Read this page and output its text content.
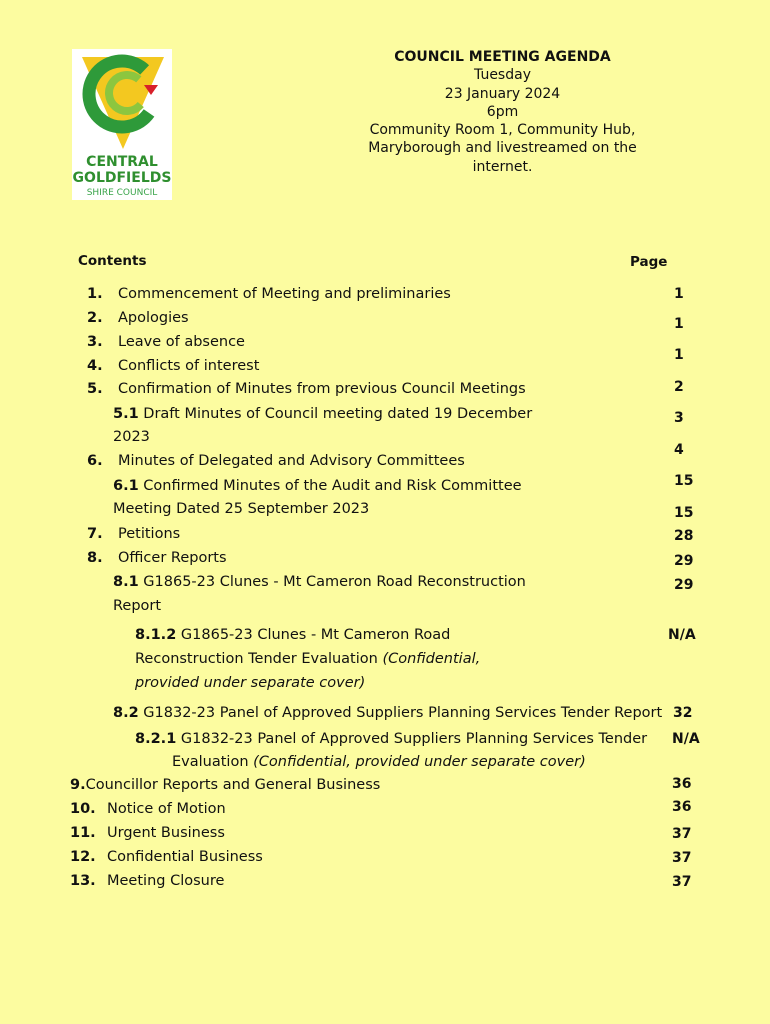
CENTRAL
GOLDFIELDS
SHIRE COUNCIL
COUNCIL MEETING AGENDA
Tuesday
23 January 2024
6pm
Community Room 1, Community Hub,
Maryborough and livestreamed on the
internet.
Contents	Page
1. Commencement of Meeting and preliminaries
2. Apologies
3. Leave of absence
4. Conflicts of interest
5. Confirmation of Minutes from previous Council Meetings
5.1 Draft Minutes of Council meeting dated 19 December
2023
6. Minutes of Delegated and Advisory Committees
6.1 Confirmed Minutes of the Audit and Risk Committee
Meeting Dated 25 September 2023
7. Petitions
8. Officer Reports
8.1 G1865-23 Clunes - Mt Cameron Road Reconstruction
Report
8.1.2 G1865-23 Clunes - Mt Cameron Road
Reconstruction Tender Evaluation (Confidential,
provided under separate cover)
8.2 G1832-23 Panel of Approved Suppliers Planning Services Tender Report
8.2.1 G1832-23 Panel of Approved Suppliers Planning Services Tender
Evaluation (Confidential, provided under separate cover)
9.Councillor Reports and General Business
10. Notice of Motion
11. Urgent Business
12. Confidential Business
13. Meeting Closure
1
1
1
2
3
4
15
15
28
29
29
N/A
32
N/A
36
36
37
37
37
